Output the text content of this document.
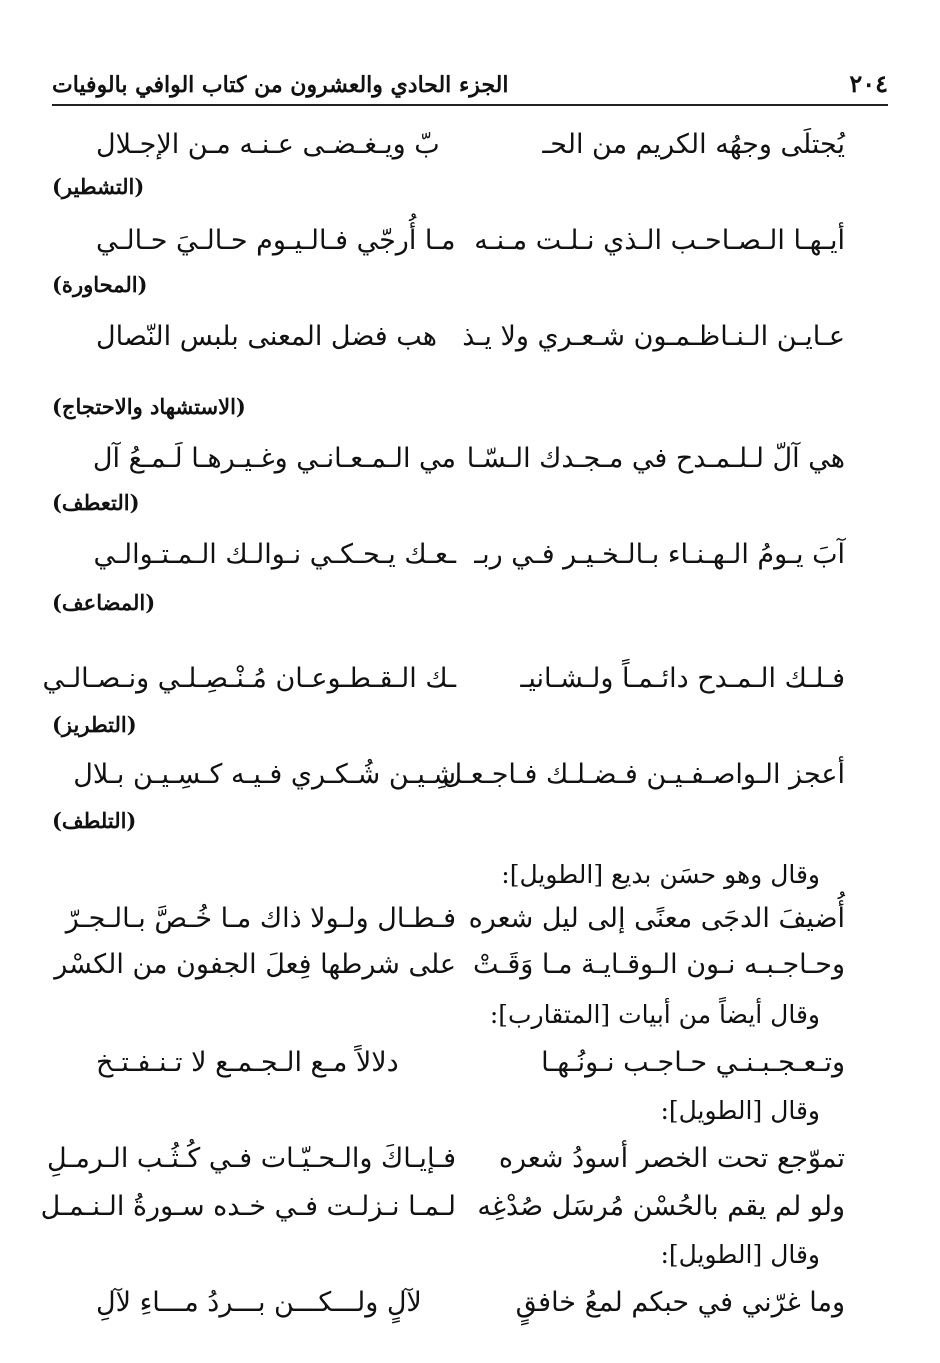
٢٠٤
الجزء الحادي والعشرون من كتاب الوافي بالوفيات
يُجتلَى وجهُه الكريم من الحـ
بّ ويـغـضـى عـنـه مـن الإجـلال
(التشطير)
أيـهـا الـصـاحـب الـذي نـلـت مـنـه
مـا أُرجّي فـالـيـوم حـالـيَ حـالـي
(المحاورة)
عـايـن الـنـاظـمـون شـعـري ولا يـذ
هب فضل المعنى بلبس النّصال
(الاستشهاد والاحتجاج)
هي آلّ لـلـمـدح في مـجـدك الـسّـا
مي الـمـعـانـي وغـيـرهـا لَـمـعُ آل
(التعطف)
آبَ يـومُ الـهـنـاء بـالـخـيـر فـي ربـ
ـعـك يـحـكـي نـوالـك الـمـتـوالـي
(المضاعف)
فـلـك الـمـدح دائـمـاً ولـشـانيـ
ـك الـقـطـوعـان مُـنْـصِـلـي ونـصـالـي
(التطريز)
أعجز الـواصـفـيـن فـضـلـك فـاجـعـل
شِـيـن شُـكـري فـيـه كـسِـيـن بـلال
(التلطف)
وقال وهو حسَن بديع [الطويل]:
أُضيفَ الدجَى معنًى إلى ليل شعره
فـطـال ولـولا ذاك مـا خُـصَّ بـالـجـرّ
وحـاجـبـه نـون الـوقـايـة مـا وَقَـتْ
على شرطها فِعلَ الجفون من الكسْر
وقال أيضاً من أبيات [المتقارب]:
وتـعـجـبـنـي حـاجـب نـونُـهـا
دلالاً مـع الـجـمـع لا تـنـفـتـخ
وقال [الطويل]:
تموّجع تحت الخصر أسودُ شعره
فـإيـاكَ والـحـيّـات فـي كُـثُـب الـرمـلِ
ولو لم يقم بالحُسْن مُرسَل صُدْغِه
لـمـا نـزلـت فـي خـده سـورةُ الـنـمـل
وقال [الطويل]:
وما غرّني في حبكم لمعُ خافقٍ
لآلٍ ولـــكـــن بـــردُ مـــاءِ لآلِ
